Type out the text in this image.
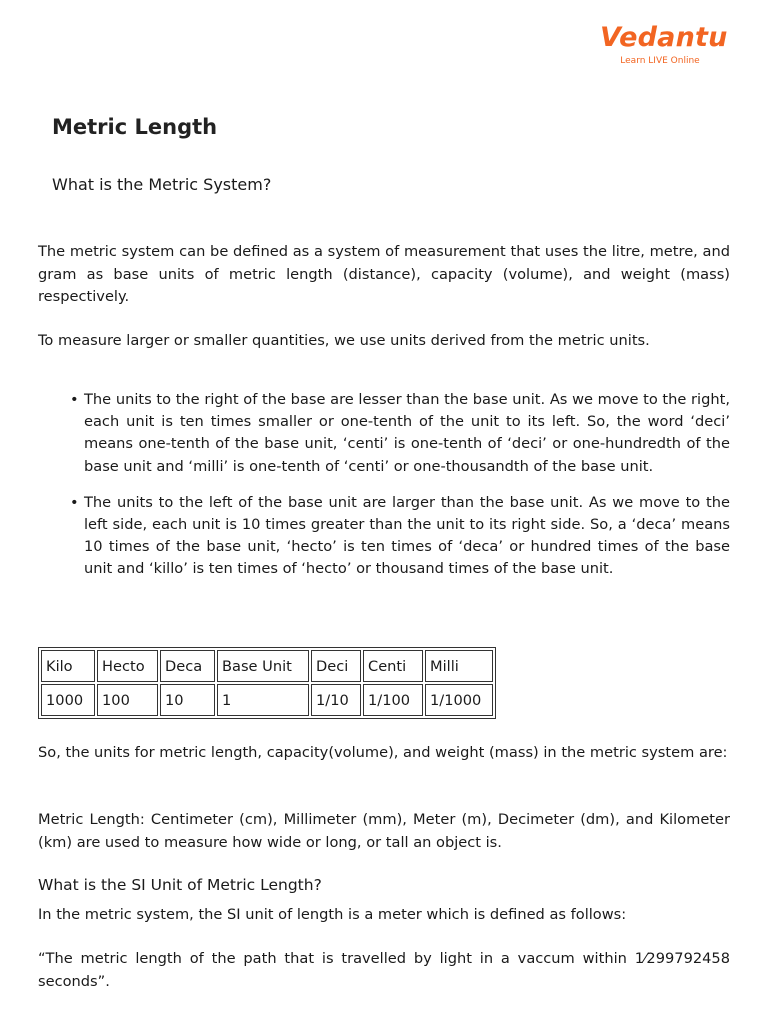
Vedantu
Learn LIVE Online
Metric Length
What is the Metric System?

The metric system can be defined as a system of measurement that uses the litre, metre, and gram as base units of metric length (distance), capacity (volume), and weight (mass) respectively.

To measure larger or smaller quantities, we use units derived from the metric units.

• The units to the right of the base are lesser than the base unit. As we move to the right, each unit is ten times smaller or one-tenth of the unit to its left. So, the word ‘deci’ means one-tenth of the base unit, ‘centi’ is one-tenth of ‘deci’ or one-hundredth of the base unit and ‘milli’ is one-tenth of ‘centi’ or one-thousandth of the base unit.
• The units to the left of the base unit are larger than the base unit. As we move to the left side, each unit is 10 times greater than the unit to its right side. So, a ‘deca’ means 10 times of the base unit, ‘hecto’ is ten times of ‘deca’ or hundred times of the base unit and ‘killo’ is ten times of ‘hecto’ or thousand times of the base unit.
Kilo	Hecto	Deca	Base Unit	Deci	Centi	Milli
1000	100	10	1	1/10	1/100	1/1000

So, the units for metric length, capacity(volume), and weight (mass) in the metric system are:

Metric Length: Centimeter (cm), Millimeter (mm), Meter (m), Decimeter (dm), and Kilometer (km) are used to measure how wide or long, or tall an object is.

What is the SI Unit of Metric Length?

In the metric system, the SI unit of length is a meter which is defined as follows:

“The metric length of the path that is travelled by light in a vaccum within 1⁄299792458 seconds”.
